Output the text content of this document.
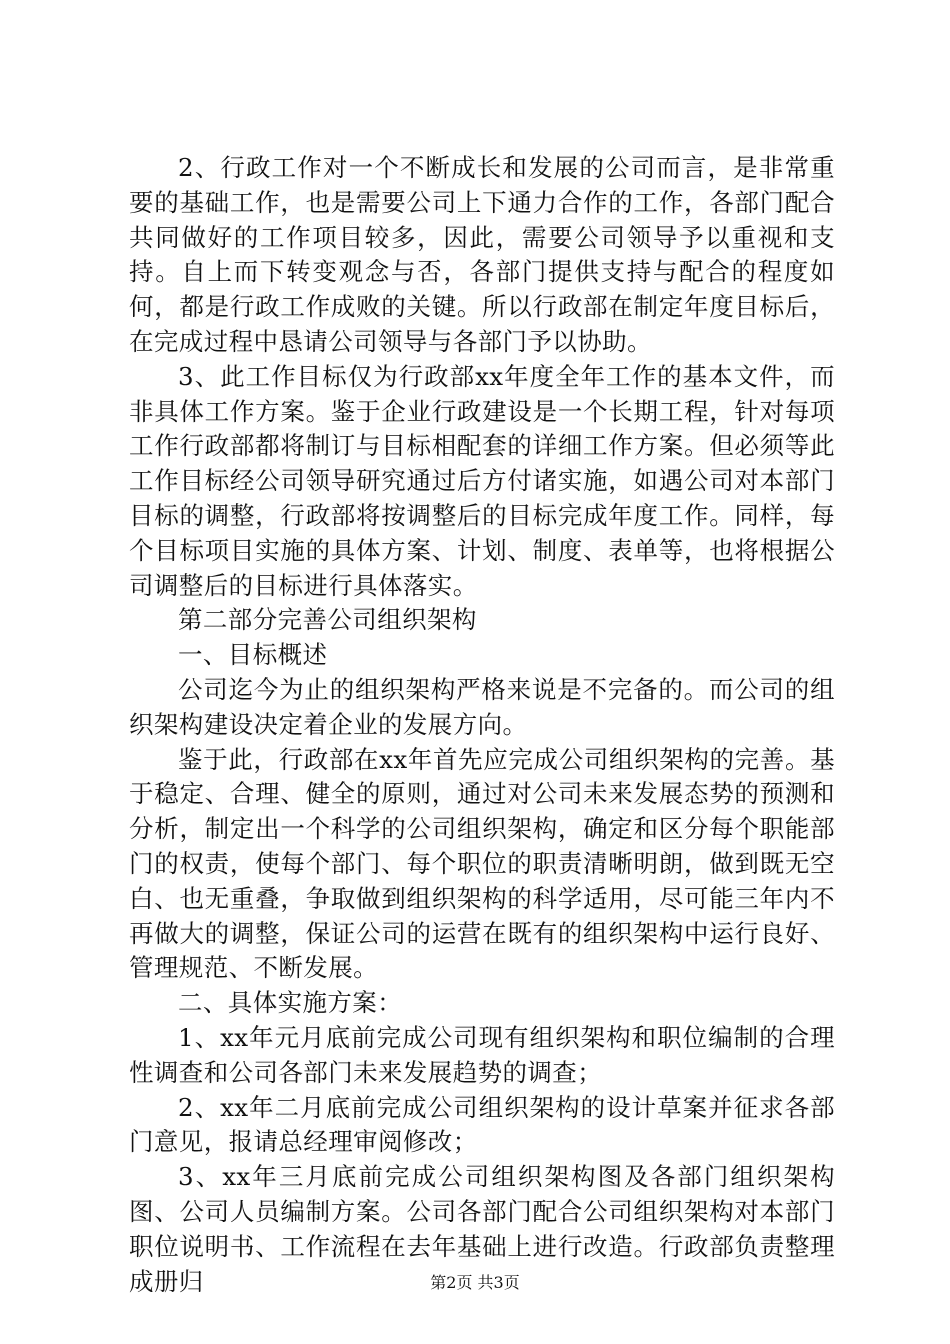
2、行政工作对一个不断成长和发展的公司而言，是非常重要的基础工作，也是需要公司上下通力合作的工作，各部门配合共同做好的工作项目较多，因此，需要公司领导予以重视和支持。自上而下转变观念与否，各部门提供支持与配合的程度如何，都是行政工作成败的关键。所以行政部在制定年度目标后，在完成过程中恳请公司领导与各部门予以协助。

3、此工作目标仅为行政部xx年度全年工作的基本文件，而非具体工作方案。鉴于企业行政建设是一个长期工程，针对每项工作行政部都将制订与目标相配套的详细工作方案。但必须等此工作目标经公司领导研究通过后方付诸实施，如遇公司对本部门目标的调整，行政部将按调整后的目标完成年度工作。同样，每个目标项目实施的具体方案、计划、制度、表单等，也将根据公司调整后的目标进行具体落实。

第二部分完善公司组织架构

一、目标概述

公司迄今为止的组织架构严格来说是不完备的。而公司的组织架构建设决定着企业的发展方向。

鉴于此，行政部在xx年首先应完成公司组织架构的完善。基于稳定、合理、健全的原则，通过对公司未来发展态势的预测和分析，制定出一个科学的公司组织架构，确定和区分每个职能部门的权责，使每个部门、每个职位的职责清晰明朗，做到既无空白、也无重叠，争取做到组织架构的科学适用，尽可能三年内不再做大的调整，保证公司的运营在既有的组织架构中运行良好、管理规范、不断发展。

二、具体实施方案：

1、xx年元月底前完成公司现有组织架构和职位编制的合理性调查和公司各部门未来发展趋势的调查；

2、xx年二月底前完成公司组织架构的设计草案并征求各部门意见，报请总经理审阅修改；

3、xx年三月底前完成公司组织架构图及各部门组织架构图、公司人员编制方案。公司各部门配合公司组织架构对本部门职位说明书、工作流程在去年基础上进行改造。行政部负责整理成册归	第2页 共3页
